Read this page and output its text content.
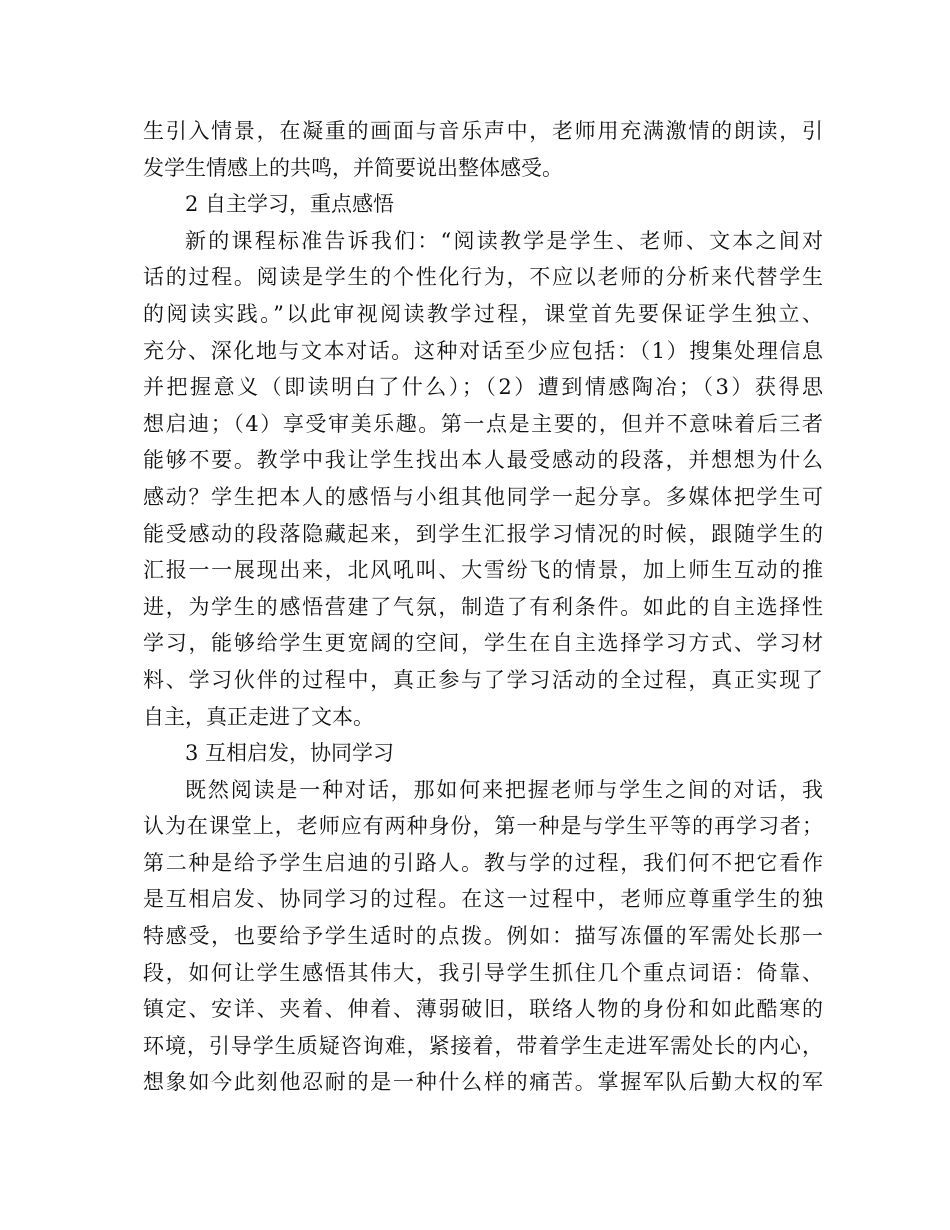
生引入情景，在凝重的画面与音乐声中，老师用充满激情的朗读，引
发学生情感上的共鸣，并简要说出整体感受。
2 自主学习，重点感悟
新的课程标准告诉我们：“阅读教学是学生、老师、文本之间对
话的过程。阅读是学生的个性化行为，不应以老师的分析来代替学生
的阅读实践。”以此审视阅读教学过程，课堂首先要保证学生独立、
充分、深化地与文本对话。这种对话至少应包括：（1）搜集处理信息
并把握意义（即读明白了什么）；（2）遭到情感陶冶；（3）获得思
想启迪；（4）享受审美乐趣。第一点是主要的，但并不意味着后三者
能够不要。教学中我让学生找出本人最受感动的段落，并想想为什么
感动？学生把本人的感悟与小组其他同学一起分享。多媒体把学生可
能受感动的段落隐藏起来，到学生汇报学习情况的时候，跟随学生的
汇报一一展现出来，北风吼叫、大雪纷飞的情景，加上师生互动的推
进，为学生的感悟营建了气氛，制造了有利条件。如此的自主选择性
学习，能够给学生更宽阔的空间，学生在自主选择学习方式、学习材
料、学习伙伴的过程中，真正参与了学习活动的全过程，真正实现了
自主，真正走进了文本。
3 互相启发，协同学习
既然阅读是一种对话，那如何来把握老师与学生之间的对话，我
认为在课堂上，老师应有两种身份，第一种是与学生平等的再学习者；
第二种是给予学生启迪的引路人。教与学的过程，我们何不把它看作
是互相启发、协同学习的过程。在这一过程中，老师应尊重学生的独
特感受，也要给予学生适时的点拨。例如：描写冻僵的军需处长那一
段，如何让学生感悟其伟大，我引导学生抓住几个重点词语：倚靠、
镇定、安详、夹着、伸着、薄弱破旧，联络人物的身份和如此酷寒的
环境，引导学生质疑咨询难，紧接着，带着学生走进军需处长的内心，
想象如今此刻他忍耐的是一种什么样的痛苦。掌握军队后勤大权的军
